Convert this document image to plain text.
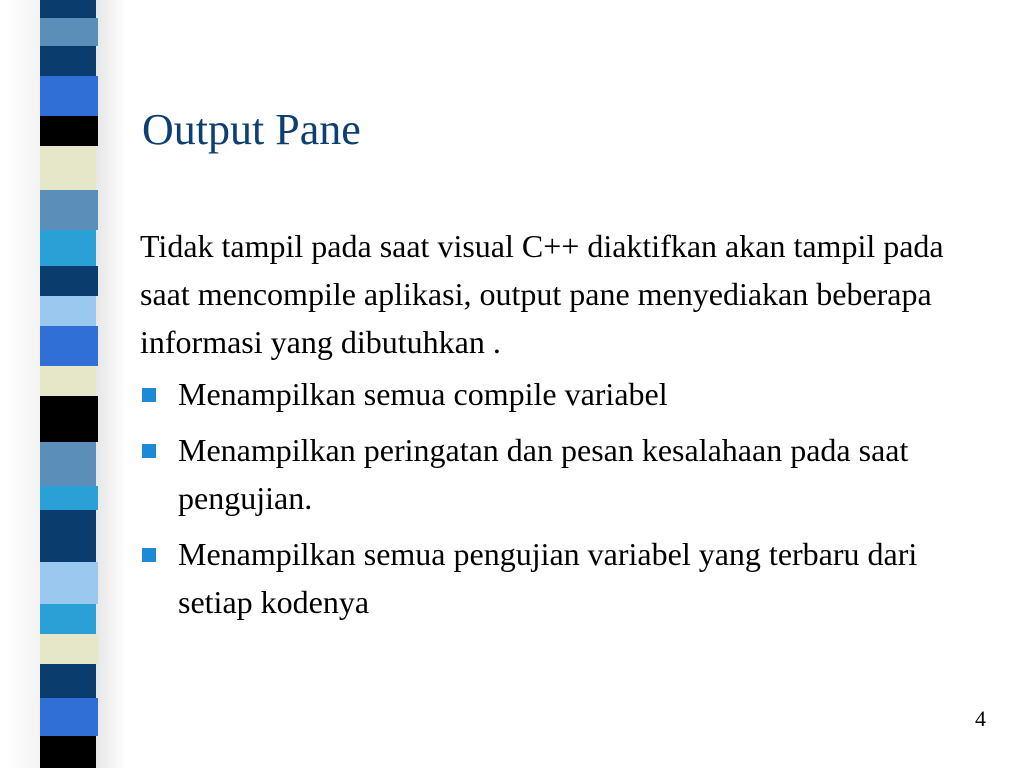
Output Pane

Tidak tampil pada saat visual C++ diaktifkan akan tampil pada saat mencompile aplikasi, output pane menyediakan beberapa informasi yang dibutuhkan .

Menampilkan semua compile variabel
Menampilkan peringatan dan pesan kesalahaan pada saat pengujian.
Menampilkan semua pengujian variabel yang terbaru dari setiap kodenya
4
